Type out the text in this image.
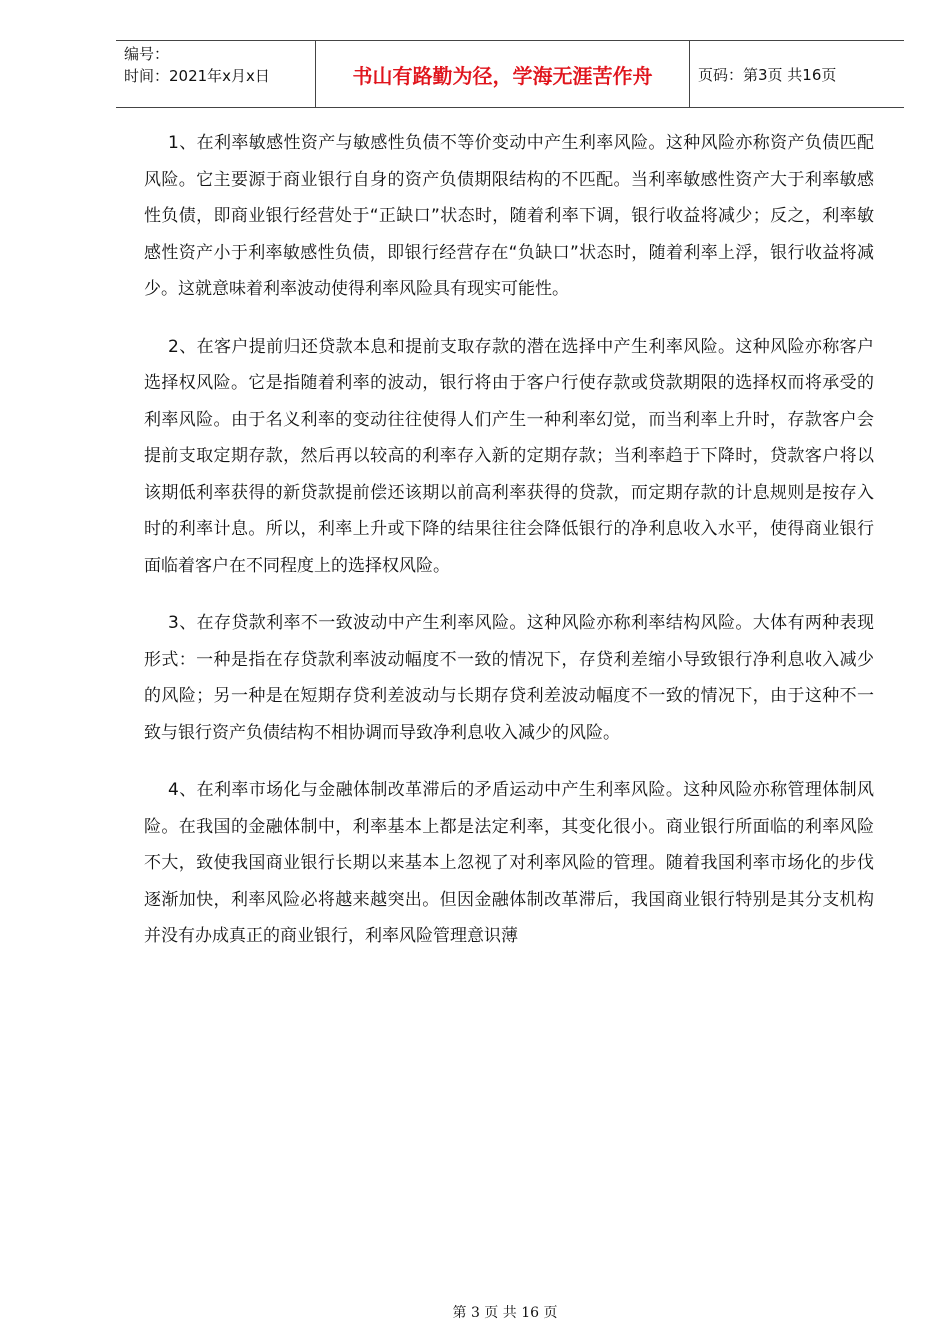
编号：
时间：2021年x月x日	书山有路勤为径，学海无涯苦作舟	页码：第3页 共16页

1、在利率敏感性资产与敏感性负债不等价变动中产生利率风险。这种风险亦称资产负债匹配风险。它主要源于商业银行自身的资产负债期限结构的不匹配。当利率敏感性资产大于利率敏感性负债，即商业银行经营处于“正缺口”状态时，随着利率下调，银行收益将减少；反之，利率敏感性资产小于利率敏感性负债，即银行经营存在“负缺口”状态时，随着利率上浮，银行收益将减少。这就意味着利率波动使得利率风险具有现实可能性。

2、在客户提前归还贷款本息和提前支取存款的潜在选择中产生利率风险。这种风险亦称客户选择权风险。它是指随着利率的波动，银行将由于客户行使存款或贷款期限的选择权而将承受的利率风险。由于名义利率的变动往往使得人们产生一种利率幻觉，而当利率上升时，存款客户会提前支取定期存款，然后再以较高的利率存入新的定期存款；当利率趋于下降时，贷款客户将以该期低利率获得的新贷款提前偿还该期以前高利率获得的贷款，而定期存款的计息规则是按存入时的利率计息。所以，利率上升或下降的结果往往会降低银行的净利息收入水平，使得商业银行面临着客户在不同程度上的选择权风险。

3、在存贷款利率不一致波动中产生利率风险。这种风险亦称利率结构风险。大体有两种表现形式：一种是指在存贷款利率波动幅度不一致的情况下，存贷利差缩小导致银行净利息收入减少的风险；另一种是在短期存贷利差波动与长期存贷利差波动幅度不一致的情况下，由于这种不一致与银行资产负债结构不相协调而导致净利息收入减少的风险。

4、在利率市场化与金融体制改革滞后的矛盾运动中产生利率风险。这种风险亦称管理体制风险。在我国的金融体制中，利率基本上都是法定利率，其变化很小。商业银行所面临的利率风险不大，致使我国商业银行长期以来基本上忽视了对利率风险的管理。随着我国利率市场化的步伐逐渐加快，利率风险必将越来越突出。但因金融体制改革滞后，我国商业银行特别是其分支机构并没有办成真正的商业银行，利率风险管理意识薄

第 3 页 共 16 页
